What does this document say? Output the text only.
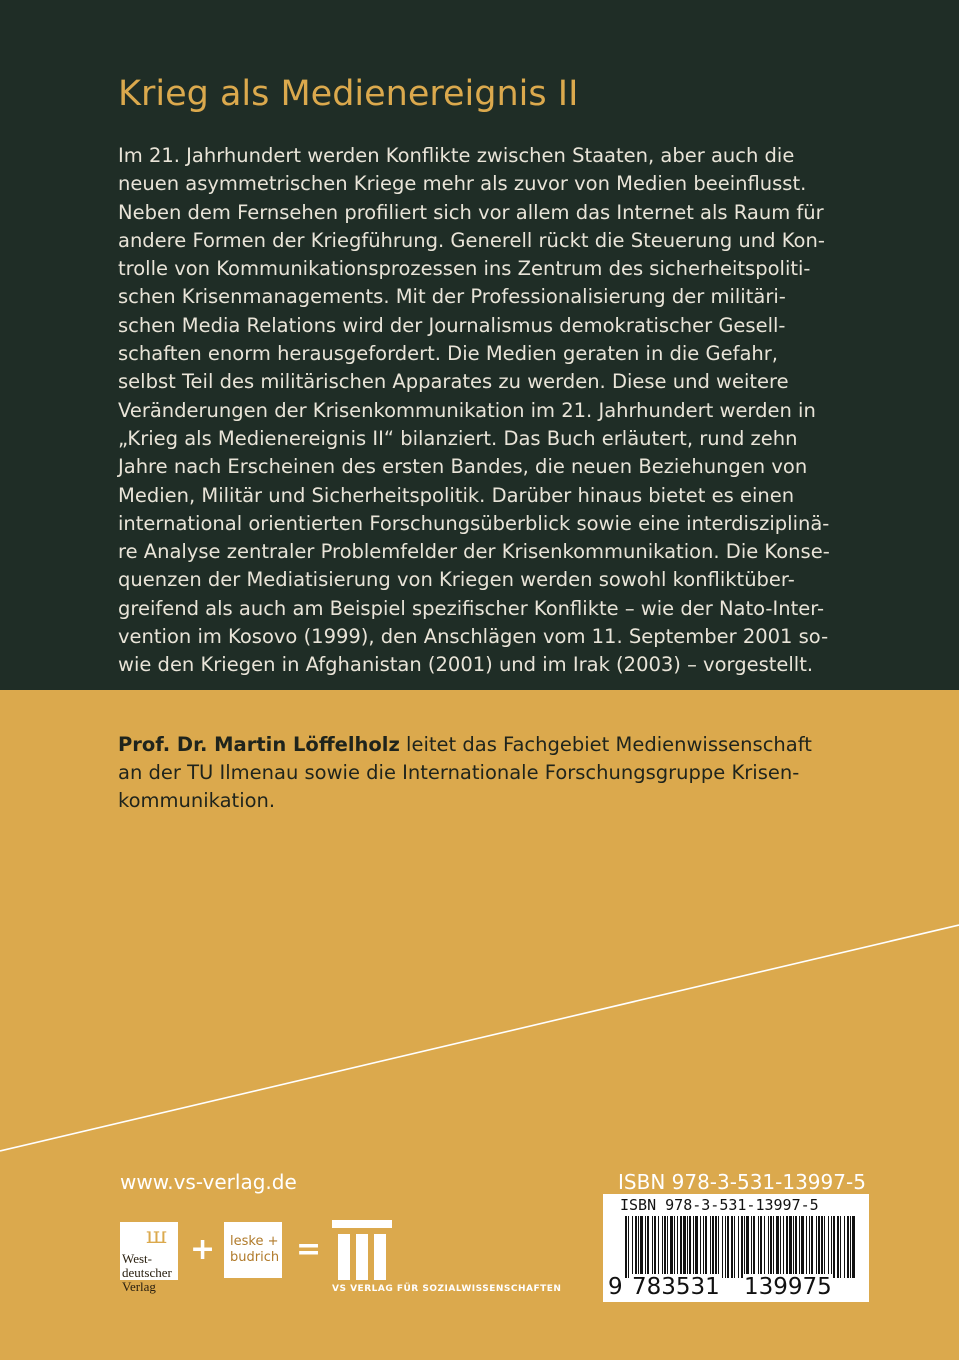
Krieg als Medienereignis II
Im 21. Jahrhundert werden Konflikte zwischen Staaten, aber auch die
neuen asymmetrischen Kriege mehr als zuvor von Medien beeinflusst.
Neben dem Fernsehen profiliert sich vor allem das Internet als Raum für
andere Formen der Kriegführung. Generell rückt die Steuerung und Kon-
trolle von Kommunikationsprozessen ins Zentrum des sicherheitspoliti-
schen Krisenmanagements. Mit der Professionalisierung der militäri-
schen Media Relations wird der Journalismus demokratischer Gesell-
schaften enorm herausgefordert. Die Medien geraten in die Gefahr,
selbst Teil des militärischen Apparates zu werden. Diese und weitere
Veränderungen der Krisenkommunikation im 21. Jahrhundert werden in
„Krieg als Medienereignis II“ bilanziert. Das Buch erläutert, rund zehn
Jahre nach Erscheinen des ersten Bandes, die neuen Beziehungen von
Medien, Militär und Sicherheitspolitik. Darüber hinaus bietet es einen
international orientierten Forschungsüberblick sowie eine interdisziplinä-
re Analyse zentraler Problemfelder der Krisenkommunikation. Die Konse-
quenzen der Mediatisierung von Kriegen werden sowohl konfliktüber-
greifend als auch am Beispiel spezifischer Konflikte – wie der Nato-Inter-
vention im Kosovo (1999), den Anschlägen vom 11. September 2001 so-
wie den Kriegen in Afghanistan (2001) und im Irak (2003) – vorgestellt.
Prof. Dr. Martin Löffelholz leitet das Fachgebiet Medienwissenschaft
an der TU Ilmenau sowie die Internationale Forschungsgruppe Krisen-
kommunikation.
www.vs-verlag.de
ꟺ
West-
deutscher
Verlag
+ leske +
budrich =
VS VERLAG FÜR SOZIALWISSENSCHAFTEN
ISBN 978-3-531-13997-5
ISBN 978-3-531-13997-5
9 783531 139975
